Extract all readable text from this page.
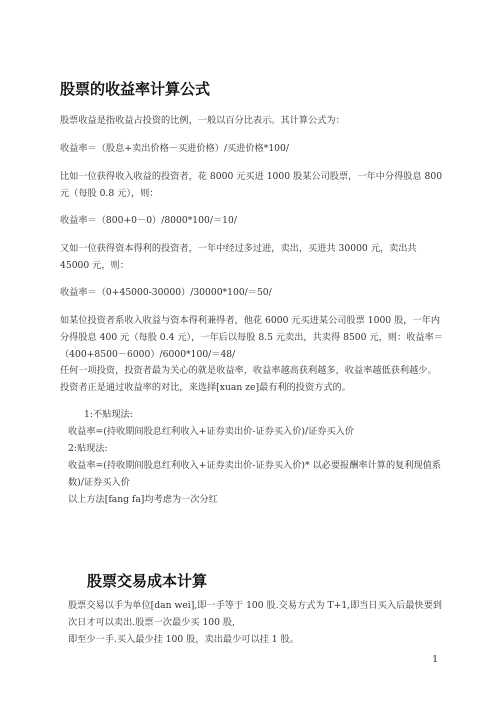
股票的收益率计算公式

股票收益是指收益占投资的比例，一般以百分比表示。其计算公式为：

收益率＝（股息+卖出价格－买进价格）/买进价格*100/

比如一位获得收入收益的投资者，花 8000 元买进 1000 股某公司股票，一年中分得股息 800 元（每股 0.8 元），则：

收益率＝（800+0－0）/8000*100/＝10/

又如一位获得资本得利的投资者，一年中经过多过进，卖出，买进共 30000 元，卖出共 45000 元，则：

收益率＝（0+45000-30000）/30000*100/＝50/

如某位投资者系收入收益与资本得利兼得者，他花 6000 元买进某公司股票 1000 股，一年内分得股息 400 元（每股 0.4 元），一年后以每股 8.5 元卖出，共卖得 8500 元，则：收益率＝（400+8500－6000）/6000*100/＝48/

任何一项投资，投资者最为关心的就是收益率，收益率越高获利越多，收益率越低获利越少。投资者正是通过收益率的对比，来选择[xuan ze]最有利的投资方式的。

1:不贴现法:

收益率=(持收期间股息红利收入+证券卖出价-证券买入价)/证券买入价

2:贴现法:

收益率=(持收期间股息红利收入+证券卖出价-证券买入价)* 以必要报酬率计算的复利现值系数)/证券买入价

以上方法[fang fa]均考虑为一次分红

股票交易成本计算

股票交易以手为单位[dan wei],即一手等于 100 股.交易方式为 T+1,即当日买入后最快要到次日才可以卖出.股票一次最少买 100 股,

即至少一手.买入最少挂 100 股，卖出最少可以挂 1 股。

1
